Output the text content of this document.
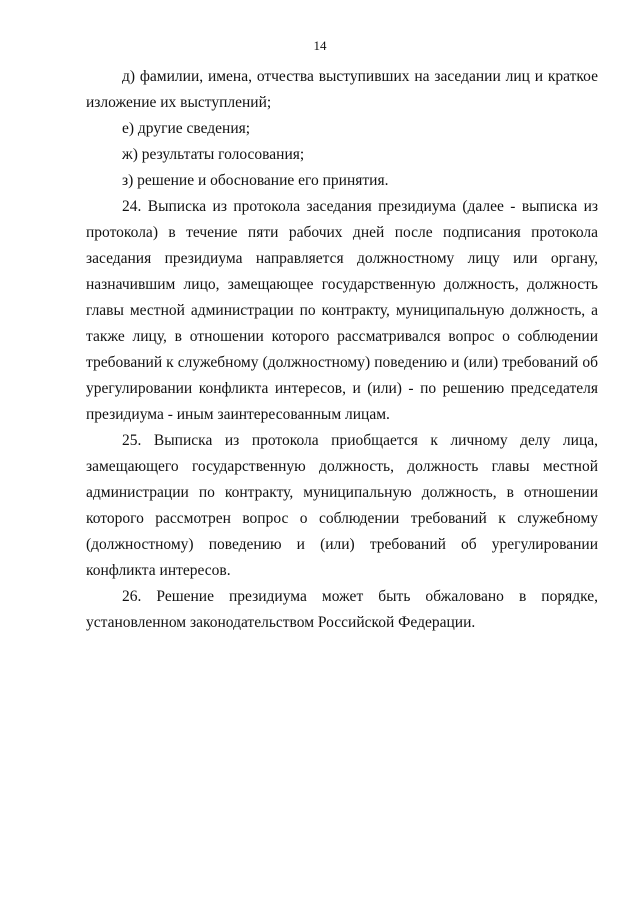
14

д) фамилии, имена, отчества выступивших на заседании лиц и краткое изложение их выступлений;

е) другие сведения;

ж) результаты голосования;

з) решение и обоснование его принятия.

24. Выписка из протокола заседания президиума (далее - выписка из протокола) в течение пяти рабочих дней после подписания протокола заседания президиума направляется должностному лицу или органу, назначившим лицо, замещающее государственную должность, должность главы местной администрации по контракту, муниципальную должность, а также лицу, в отношении которого рассматривался вопрос о соблюдении требований к служебному (должностному) поведению и (или) требований об урегулировании конфликта интересов, и (или) - по решению председателя президиума - иным заинтересованным лицам.

25. Выписка из протокола приобщается к личному делу лица, замещающего государственную должность, должность главы местной администрации по контракту, муниципальную должность, в отношении которого рассмотрен вопрос о соблюдении требований к служебному (должностному) поведению и (или) требований об урегулировании конфликта интересов.

26. Решение президиума может быть обжаловано в порядке, установленном законодательством Российской Федерации.
